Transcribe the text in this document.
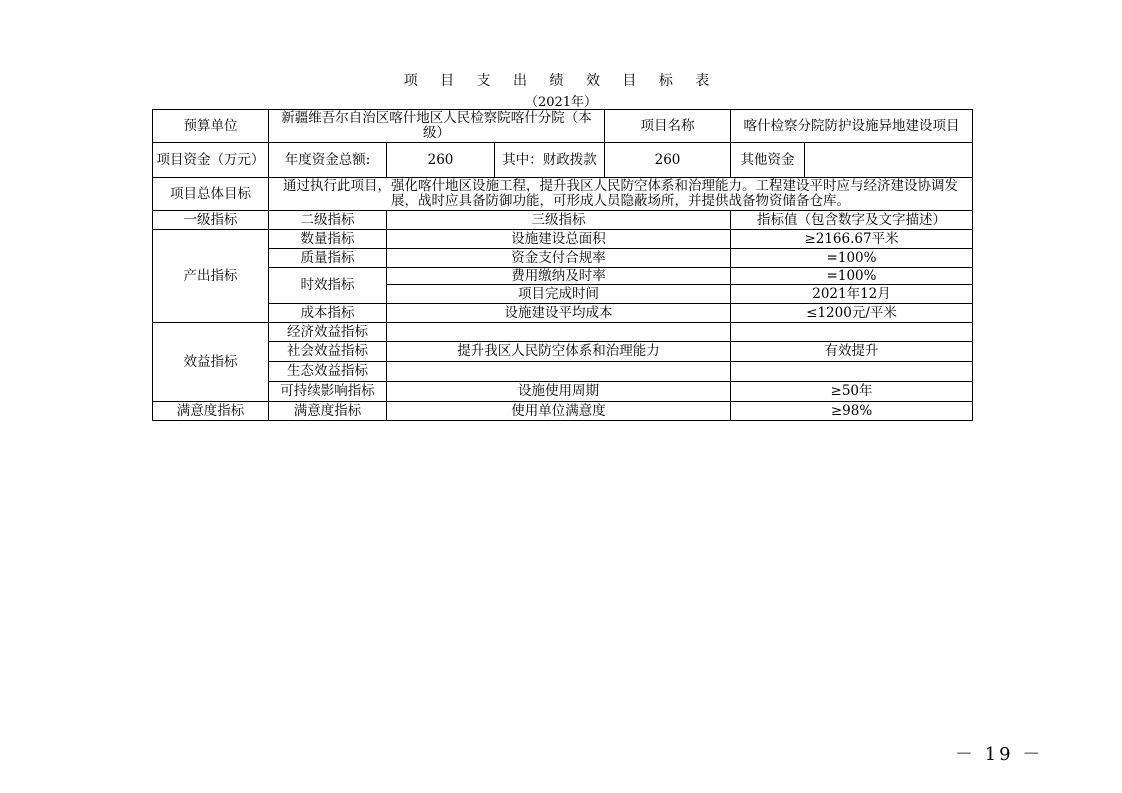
项 目 支 出 绩 效 目 标 表
（2021年）
预算单位	新疆维吾尔自治区喀什地区人民检察院喀什分院（本级）			项目名称	喀什检察分院防护设施异地建设项目	
项目资金（万元）	年度资金总额:	260	其中：财政拨款	260	其他资金	
项目总体目标	通过执行此项目，强化喀什地区设施工程，提升我区人民防空体系和治理能力。工程建设平时应与经济建设协调发展，战时应具备防御功能，可形成人员隐蔽场所，并提供战备物资储备仓库。					
一级指标	二级指标	三级指标			指标值（包含数字及文字描述）	
产出指标	数量指标	设施建设总面积			≥2166.67平米	
	质量指标	资金支付合规率			=100%	
	时效指标	费用缴纳及时率			=100%	
		项目完成时间			2021年12月	
	成本指标	设施建设平均成本			≤1200元/平米	
效益指标	经济效益指标					
	社会效益指标	提升我区人民防空体系和治理能力			有效提升	
	生态效益指标					
	可持续影响指标	设施使用周期			≥50年	
满意度指标	满意度指标	使用单位满意度			≥98%	
－ 19 －
